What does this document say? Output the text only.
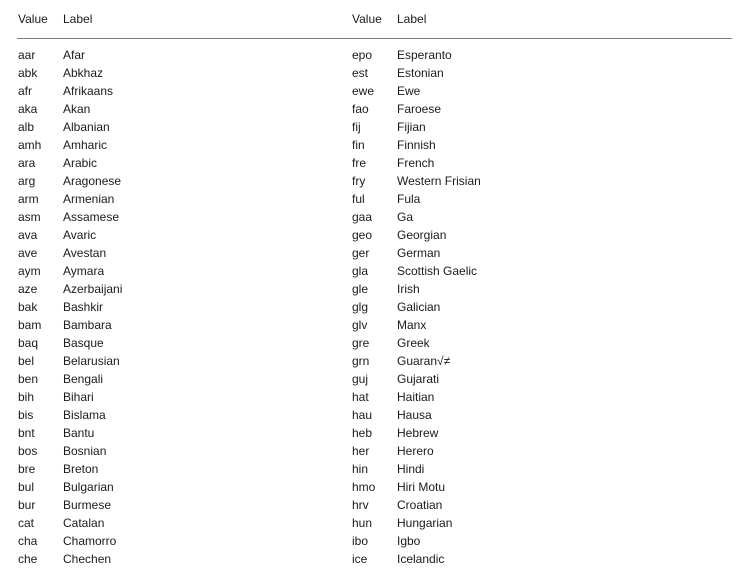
Value	Label
aar	Afar
abk	Abkhaz
afr	Afrikaans
aka	Akan
alb	Albanian
amh	Amharic
ara	Arabic
arg	Aragonese
arm	Armenian
asm	Assamese
ava	Avaric
ave	Avestan
aym	Aymara
aze	Azerbaijani
bak	Bashkir
bam	Bambara
baq	Basque
bel	Belarusian
ben	Bengali
bih	Bihari
bis	Bislama
bnt	Bantu
bos	Bosnian
bre	Breton
bul	Bulgarian
bur	Burmese
cat	Catalan
cha	Chamorro
che	Chechen
Value	Label
epo	Esperanto
est	Estonian
ewe	Ewe
fao	Faroese
fij	Fijian
fin	Finnish
fre	French
fry	Western Frisian
ful	Fula
gaa	Ga
geo	Georgian
ger	German
gla	Scottish Gaelic
gle	Irish
glg	Galician
glv	Manx
gre	Greek
grn	Guaran√≠
guj	Gujarati
hat	Haitian
hau	Hausa
heb	Hebrew
her	Herero
hin	Hindi
hmo	Hiri Motu
hrv	Croatian
hun	Hungarian
ibo	Igbo
ice	Icelandic
